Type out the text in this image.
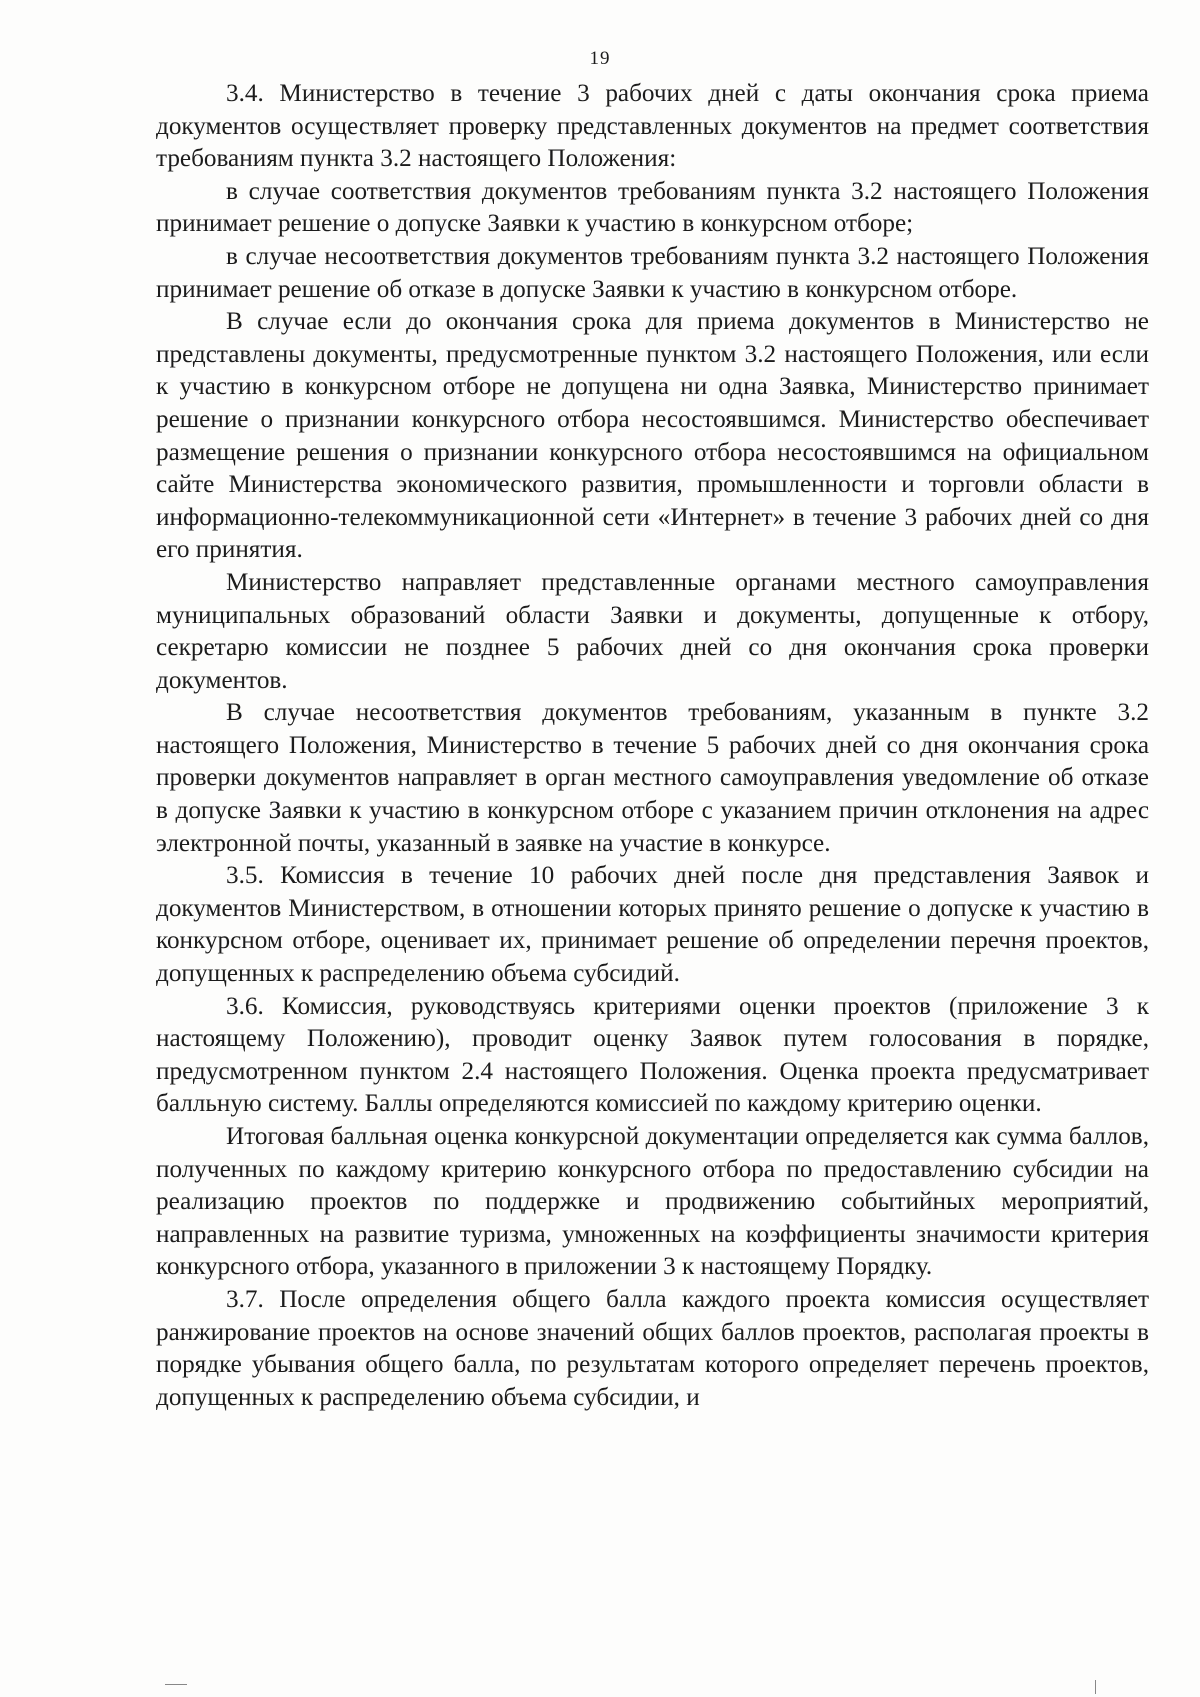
19

3.4. Министерство в течение 3 рабочих дней с даты окончания срока приема документов осуществляет проверку представленных документов на предмет соответствия требованиям пункта 3.2 настоящего Положения:

в случае соответствия документов требованиям пункта 3.2 настоящего Положения принимает решение о допуске Заявки к участию в конкурсном отборе;

в случае несоответствия документов требованиям пункта 3.2 настоящего Положения принимает решение об отказе в допуске Заявки к участию в конкурсном отборе.

В случае если до окончания срока для приема документов в Министерство не представлены документы, предусмотренные пунктом 3.2 настоящего Положения, или если к участию в конкурсном отборе не допущена ни одна Заявка, Министерство принимает решение о признании конкурсного отбора несостоявшимся. Министерство обеспечивает размещение решения о признании конкурсного отбора несостоявшимся на официальном сайте Министерства экономического развития, промышленности и торговли области в информационно-телекоммуникационной сети «Интернет» в течение 3 рабочих дней со дня его принятия.

Министерство направляет представленные органами местного самоуправления муниципальных образований области Заявки и документы, допущенные к отбору, секретарю комиссии не позднее 5 рабочих дней со дня окончания срока проверки документов.

В случае несоответствия документов требованиям, указанным в пункте 3.2 настоящего Положения, Министерство в течение 5 рабочих дней со дня окончания срока проверки документов направляет в орган местного самоуправления уведомление об отказе в допуске Заявки к участию в конкурсном отборе с указанием причин отклонения на адрес электронной почты, указанный в заявке на участие в конкурсе.

3.5. Комиссия в течение 10 рабочих дней после дня представления Заявок и документов Министерством, в отношении которых принято решение о допуске к участию в конкурсном отборе, оценивает их, принимает решение об определении перечня проектов, допущенных к распределению объема субсидий.

3.6. Комиссия, руководствуясь критериями оценки проектов (приложение 3 к настоящему Положению), проводит оценку Заявок путем голосования в порядке, предусмотренном пунктом 2.4 настоящего Положения. Оценка проекта предусматривает балльную систему. Баллы определяются комиссией по каждому критерию оценки.

Итоговая балльная оценка конкурсной документации определяется как сумма баллов, полученных по каждому критерию конкурсного отбора по предоставлению субсидии на реализацию проектов по поддержке и продвижению событийных мероприятий, направленных на развитие туризма, умноженных на коэффициенты значимости критерия конкурсного отбора, указанного в приложении 3 к настоящему Порядку.

3.7. После определения общего балла каждого проекта комиссия осуществляет ранжирование проектов на основе значений общих баллов проектов, располагая проекты в порядке убывания общего балла, по результатам которого определяет перечень проектов, допущенных к распределению объема субсидии, и
